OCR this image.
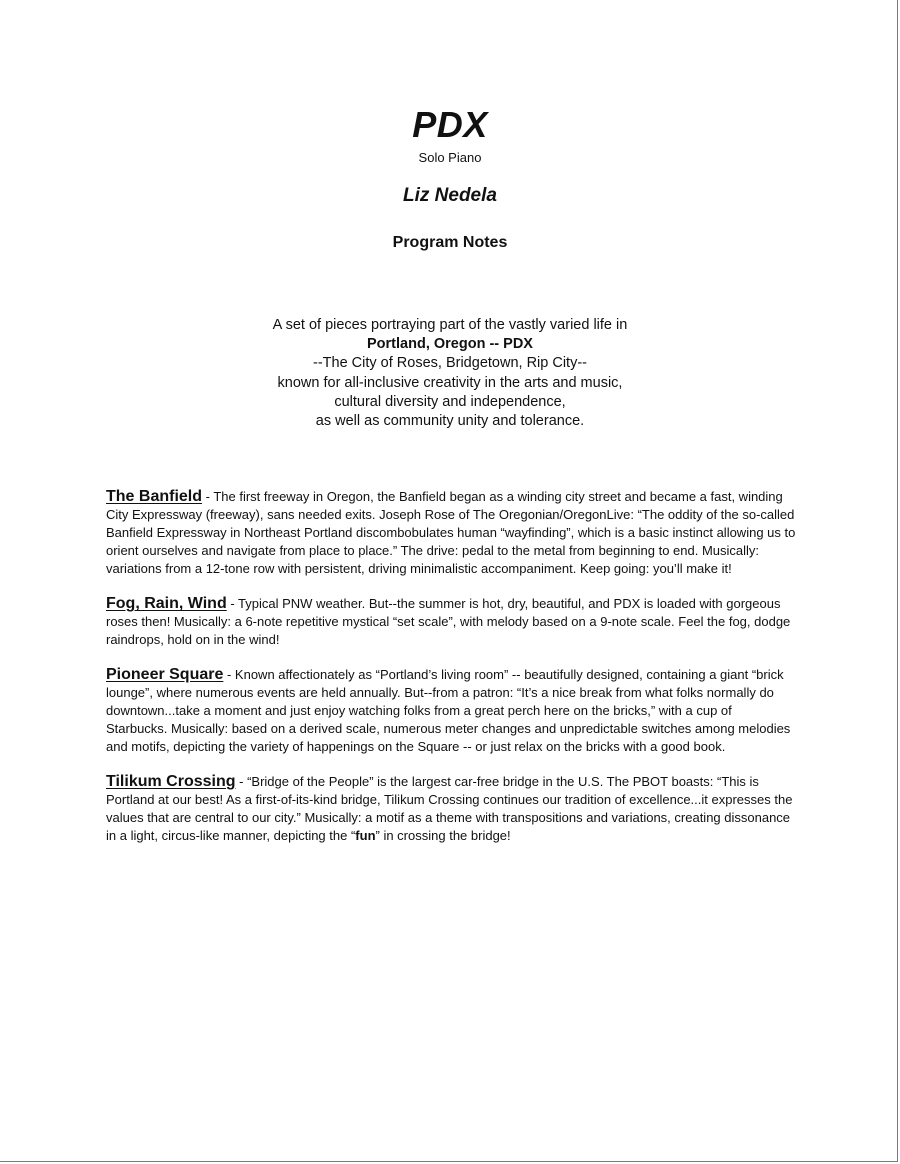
PDX
Solo Piano
Liz Nedela
Program Notes
A set of pieces portraying part of the vastly varied life in
Portland, Oregon -- PDX
--The City of Roses, Bridgetown, Rip City--
known for all-inclusive creativity in the arts and music,
cultural diversity and independence,
as well as community unity and tolerance.

The Banfield - The first freeway in Oregon, the Banfield began as a winding city street and became a fast, winding City Expressway (freeway), sans needed exits. Joseph Rose of The Oregonian/OregonLive: “The oddity of the so-called Banfield Expressway in Northeast Portland discombobulates human “wayfinding”, which is a basic instinct allowing us to orient ourselves and navigate from place to place.” The drive: pedal to the metal from beginning to end. Musically: variations from a 12-tone row with persistent, driving minimalistic accompaniment. Keep going: you’ll make it!

Fog, Rain, Wind - Typical PNW weather. But--the summer is hot, dry, beautiful, and PDX is loaded with gorgeous roses then! Musically: a 6-note repetitive mystical “set scale”, with melody based on a 9-note scale. Feel the fog, dodge raindrops, hold on in the wind!

Pioneer Square - Known affectionately as “Portland’s living room” -- beautifully designed, containing a giant “brick lounge”, where numerous events are held annually. But--from a patron: “It’s a nice break from what folks normally do downtown...take a moment and just enjoy watching folks from a great perch here on the bricks,” with a cup of Starbucks. Musically: based on a derived scale, numerous meter changes and unpredictable switches among melodies and motifs, depicting the variety of happenings on the Square -- or just relax on the bricks with a good book.

Tilikum Crossing - “Bridge of the People” is the largest car-free bridge in the U.S. The PBOT boasts: “This is Portland at our best! As a first-of-its-kind bridge, Tilikum Crossing continues our tradition of excellence...it expresses the values that are central to our city.” Musically: a motif as a theme with transpositions and variations, creating dissonance in a light, circus-like manner, depicting the “fun” in crossing the bridge!
